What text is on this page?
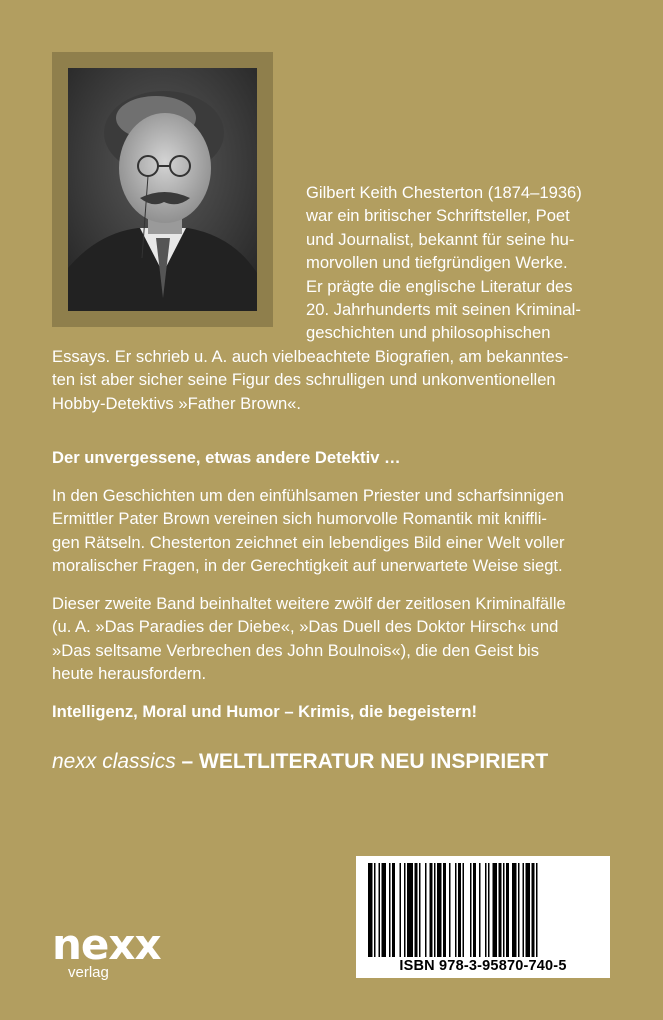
Gilbert Keith Chesterton (1874–1936)
war ein britischer Schriftsteller, Poet
und Journalist, bekannt für seine hu-
morvollen und tiefgründigen Werke.
Er prägte die englische Literatur des
20. Jahrhunderts mit seinen Kriminal-
geschichten und philosophischen
Essays. Er schrieb u. A. auch vielbeachtete Biografien, am bekanntes-
ten ist aber sicher seine Figur des schrulligen und unkonventionellen
Hobby-Detektivs »Father Brown«.
Der unvergessene, etwas andere Detektiv …
In den Geschichten um den einfühlsamen Priester und scharfsinnigen
Ermittler Pater Brown vereinen sich humorvolle Romantik mit kniffli-
gen Rätseln. Chesterton zeichnet ein lebendiges Bild einer Welt voller
moralischer Fragen, in der Gerechtigkeit auf unerwartete Weise siegt.
Dieser zweite Band beinhaltet weitere zwölf der zeitlosen Kriminalfälle
(u. A. »Das Paradies der Diebe«, »Das Duell des Doktor Hirsch« und
»Das seltsame Verbrechen des John Boulnois«), die den Geist bis
heute herausfordern.
Intelligenz, Moral und Humor – Krimis, die begeistern!
nexx classics – WELTLITERATUR NEU INSPIRIERT
nexx
verlag	ISBN 978-3-95870-740-5
